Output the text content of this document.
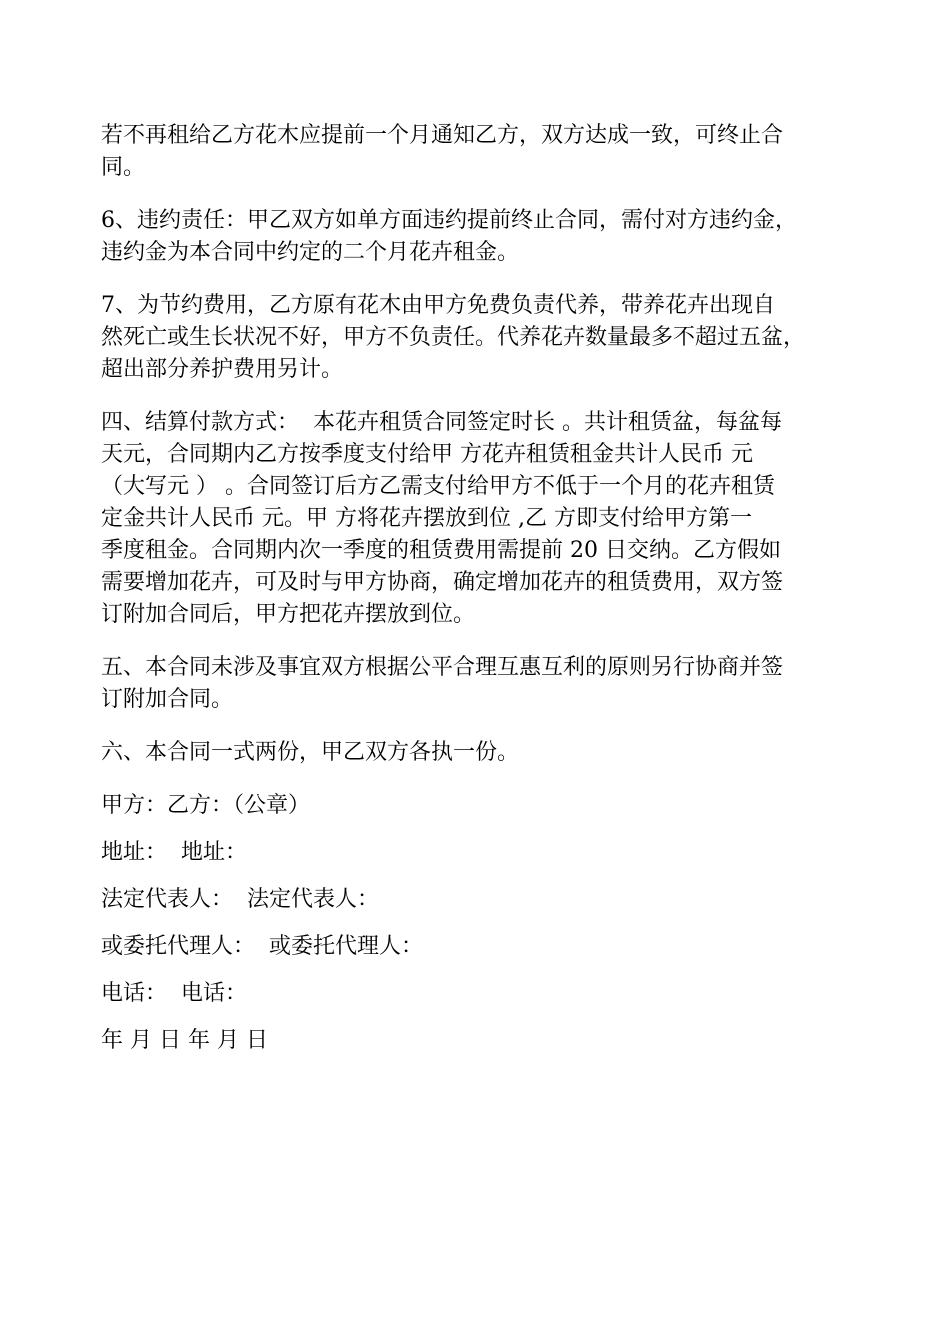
若不再租给乙方花木应提前一个月通知乙方，双方达成一致，可终止合
同。

6、违约责任：甲乙双方如单方面违约提前终止合同，需付对方违约金，
违约金为本合同中约定的二个月花卉租金。

7、为节约费用，乙方原有花木由甲方免费负责代养，带养花卉出现自
然死亡或生长状况不好，甲方不负责任。代养花卉数量最多不超过五盆，
超出部分养护费用另计。

四、结算付款方式：  本花卉租赁合同签定时长 。共计租赁盆，每盆每
天元，合同期内乙方按季度支付给甲 方花卉租赁租金共计人民币 元
（大写元 ） 。合同签订后方乙需支付给甲方不低于一个月的花卉租赁
定金共计人民币 元。甲 方将花卉摆放到位 ,乙 方即支付给甲方第一
季度租金。合同期内次一季度的租赁费用需提前 20 日交纳。乙方假如
需要增加花卉，可及时与甲方协商，确定增加花卉的租赁费用，双方签
订附加合同后，甲方把花卉摆放到位。

五、本合同未涉及事宜双方根据公平合理互惠互利的原则另行协商并签
订附加合同。

六、本合同一式两份，甲乙双方各执一份。

甲方：乙方：（公章）

地址：  地址：

法定代表人：  法定代表人：

或委托代理人：  或委托代理人：

电话：  电话：

年 月 日 年 月 日
